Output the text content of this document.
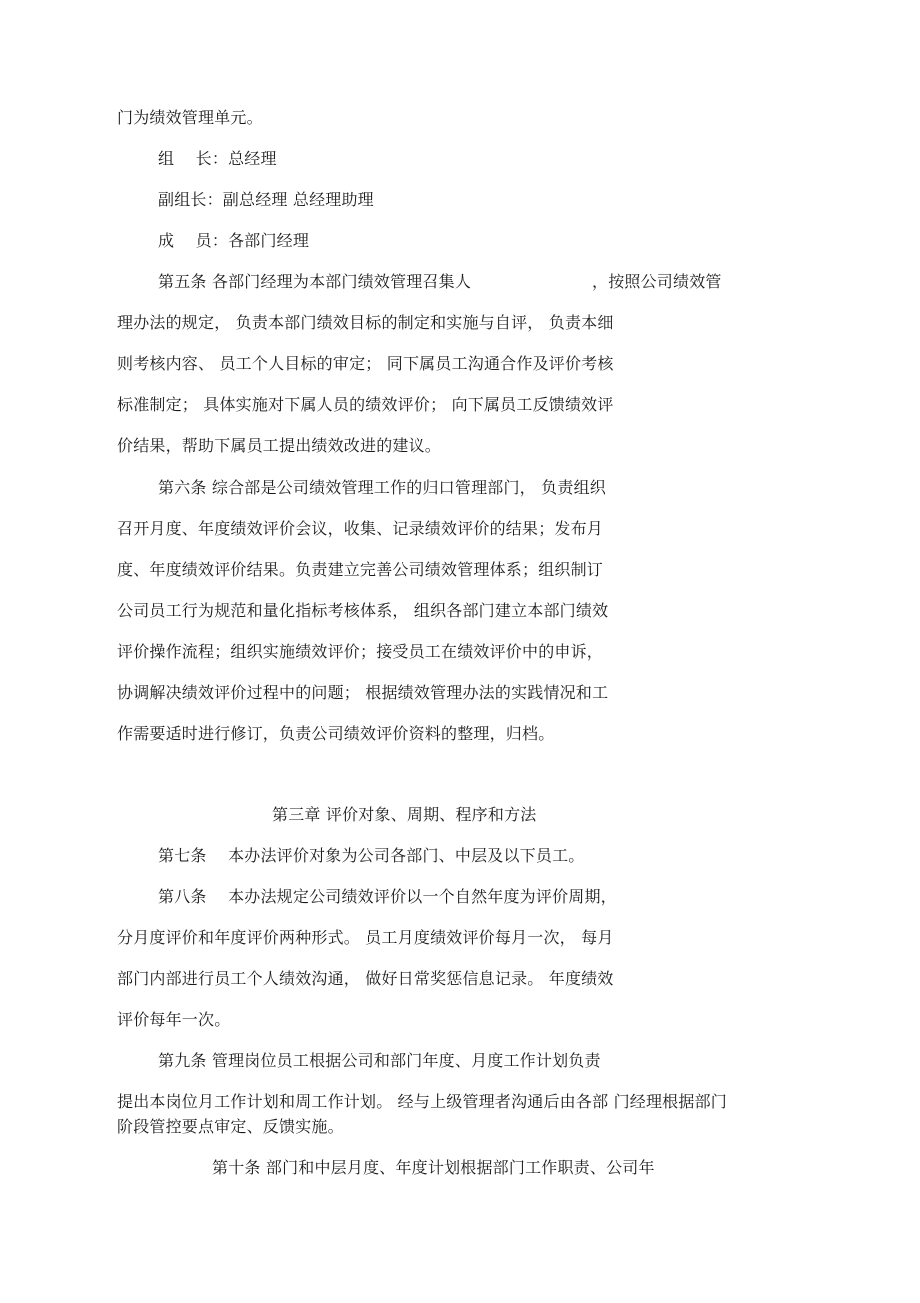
门为绩效管理单元。
组　 长：总经理
副组长：副总经理 总经理助理
成　 员：各部门经理
第五条 各部门经理为本部门绩效管理召集人	，按照公司绩效管
理办法的规定， 负责本部门绩效目标的制定和实施与自评， 负责本细
则考核内容、 员工个人目标的审定； 同下属员工沟通合作及评价考核
标准制定； 具体实施对下属人员的绩效评价； 向下属员工反馈绩效评
价结果，帮助下属员工提出绩效改进的建议。
第六条 综合部是公司绩效管理工作的归口管理部门， 负责组织
召开月度、年度绩效评价会议，收集、记录绩效评价的结果；发布月
度、年度绩效评价结果。负责建立完善公司绩效管理体系；组织制订
公司员工行为规范和量化指标考核体系， 组织各部门建立本部门绩效
评价操作流程；组织实施绩效评价；接受员工在绩效评价中的申诉，
协调解决绩效评价过程中的问题； 根据绩效管理办法的实践情况和工
作需要适时进行修订，负责公司绩效评价资料的整理，归档。
第三章 评价对象、周期、程序和方法
第七条　 本办法评价对象为公司各部门、中层及以下员工。
第八条　 本办法规定公司绩效评价以一个自然年度为评价周期，
分月度评价和年度评价两种形式。 员工月度绩效评价每月一次， 每月
部门内部进行员工个人绩效沟通， 做好日常奖惩信息记录。 年度绩效
评价每年一次。
第九条 管理岗位员工根据公司和部门年度、月度工作计划负责
提出本岗位月工作计划和周工作计划。 经与上级管理者沟通后由各部 门经理根据部门
阶段管控要点审定、反馈实施。
第十条 部门和中层月度、年度计划根据部门工作职责、公司年
